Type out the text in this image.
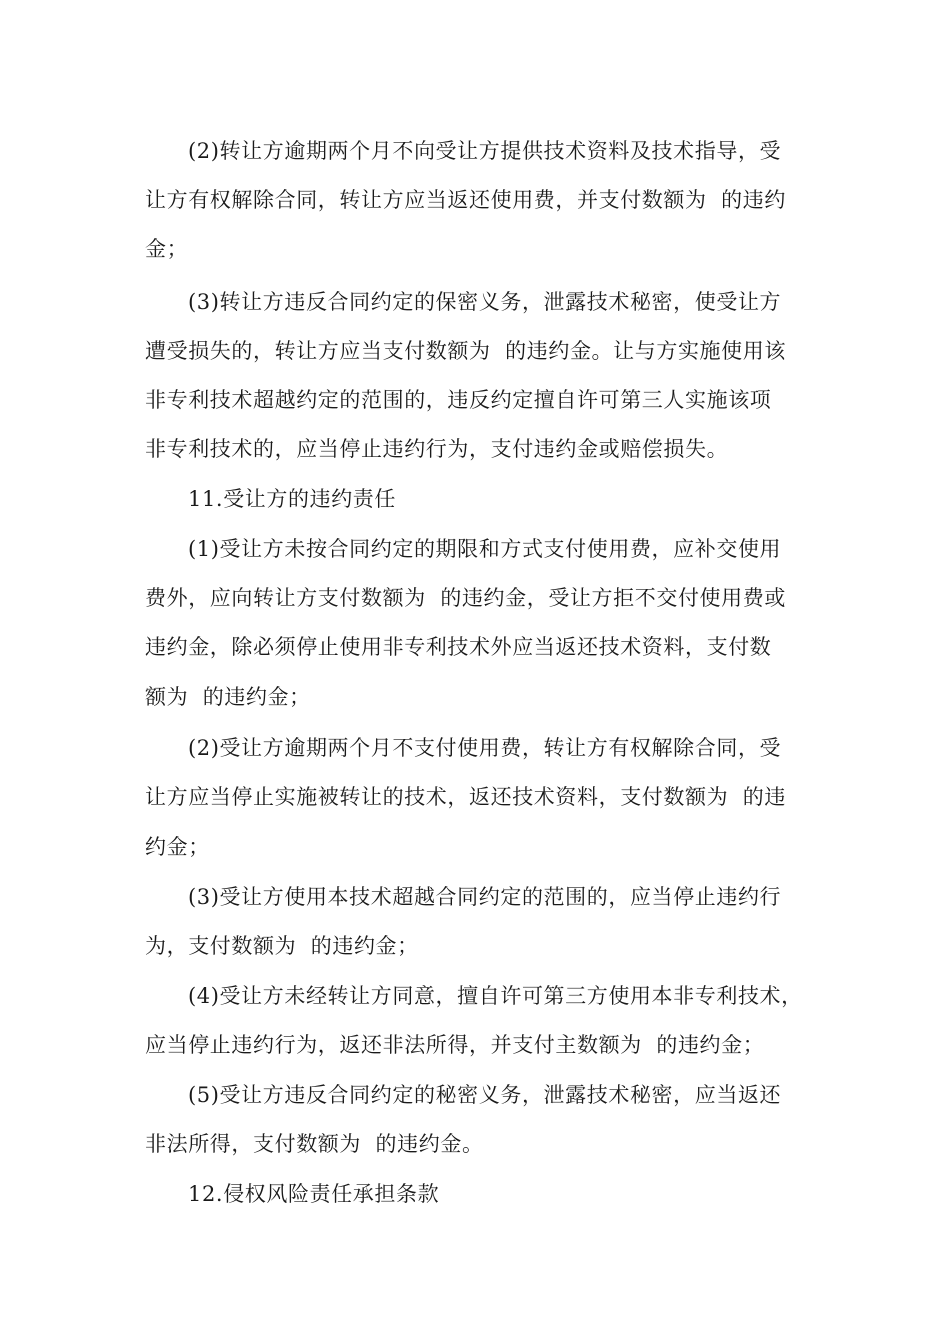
(2)转让方逾期两个月不向受让方提供技术资料及技术指导，受
让方有权解除合同，转让方应当返还使用费，并支付数额为  的违约
金；
(3)转让方违反合同约定的保密义务，泄露技术秘密，使受让方
遭受损失的，转让方应当支付数额为  的违约金。让与方实施使用该
非专利技术超越约定的范围的，违反约定擅自许可第三人实施该项
非专利技术的，应当停止违约行为，支付违约金或赔偿损失。
11.受让方的违约责任
(1)受让方未按合同约定的期限和方式支付使用费，应补交使用
费外，应向转让方支付数额为  的违约金，受让方拒不交付使用费或
违约金，除必须停止使用非专利技术外应当返还技术资料，支付数
额为  的违约金；
(2)受让方逾期两个月不支付使用费，转让方有权解除合同，受
让方应当停止实施被转让的技术，返还技术资料，支付数额为  的违
约金；
(3)受让方使用本技术超越合同约定的范围的，应当停止违约行
为，支付数额为  的违约金；
(4)受让方未经转让方同意，擅自许可第三方使用本非专利技术，
应当停止违约行为，返还非法所得，并支付主数额为  的违约金；
(5)受让方违反合同约定的秘密义务，泄露技术秘密，应当返还
非法所得，支付数额为  的违约金。
12.侵权风险责任承担条款
